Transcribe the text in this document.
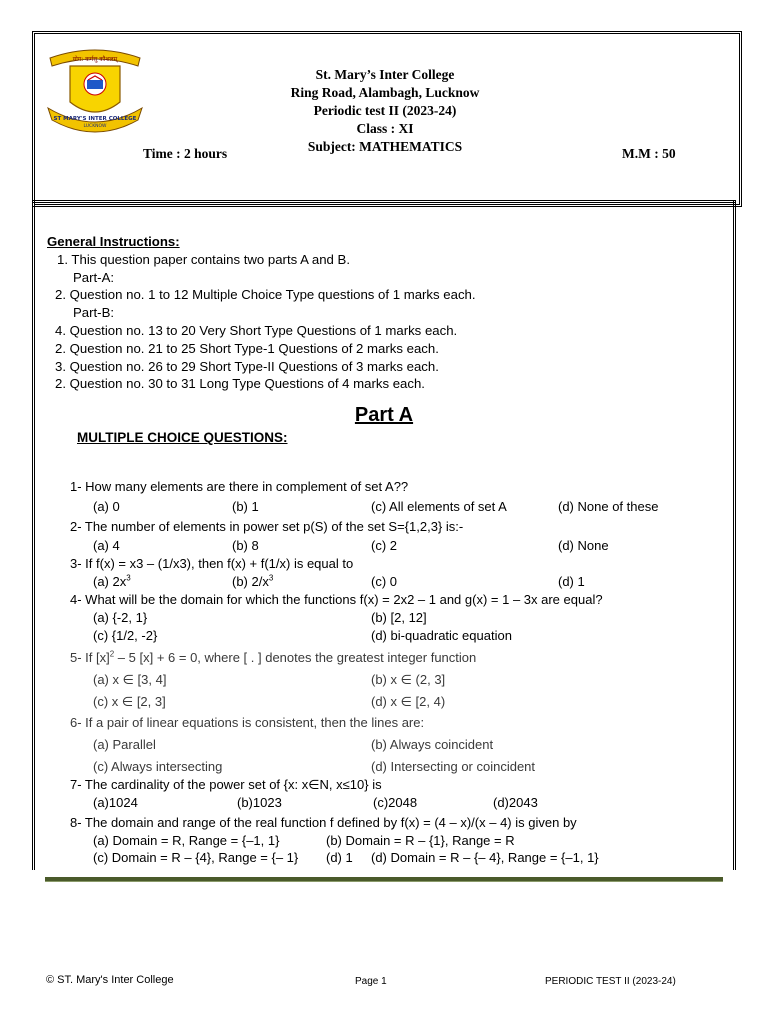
योग: कर्मसु कौशलम्
ST MARY'S INTER COLLEGE
LUCKNOW
St. Mary’s Inter College
Ring Road, Alambagh, Lucknow
Periodic test II (2023-24)
Class : XI
Subject: MATHEMATICS
Time : 2 hours	M.M : 50
General Instructions:
1. This question paper contains two parts A and B.
Part-A:
2. Question no. 1 to 12 Multiple Choice Type questions of 1 marks each.
Part-B:
4. Question no. 13 to 20 Very Short Type Questions of 1 marks each.
2. Question no. 21 to 25 Short Type-1 Questions of 2 marks each.
3. Question no. 26 to 29 Short Type-II Questions of 3 marks each.
2. Question no. 30 to 31 Long Type Questions of 4 marks each.
Part A
MULTIPLE CHOICE QUESTIONS:
1- How many elements are there in complement of set A??
(a) 0	(b) 1	(c) All elements of set A	(d) None of these
2- The number of elements in power set p(S) of the set S={1,2,3} is:-
(a) 4	(b) 8	(c) 2	(d) None
3- If f(x) = x3 – (1/x3), then f(x) + f(1/x) is equal to
(a) $2x^3$	(b) $2/x^3$	(c) 0	(d) 1
4- What will be the domain for which the functions f(x) = 2x2 – 1 and g(x) = 1 – 3x are equal?
(a) {-2, 1}	(b) [2, 12]
(c) {1/2, -2}	(d) bi-quadratic equation
5- If $[x]^2 - 5$ [x] + 6 = 0, where [ . ] denotes the greatest integer function
(a) x ∈ [3, 4]	(b) x ∈ (2, 3]
(c) x ∈ [2, 3]	(d) x ∈ [2, 4)
6- If a pair of linear equations is consistent, then the lines are:
(a) Parallel	(b) Always coincident
(c) Always intersecting	(d) Intersecting or coincident
7- The cardinality of the power set of {x: x∈N, x≤10} is
(a)1024	(b)1023	(c)2048	(d)2043
8- The domain and range of the real function f defined by f(x) = (4 – x)/(x – 4) is given by
(a) Domain = R, Range = {–1, 1}	(b) Domain = R – {1}, Range = R
(c) Domain = R – {4}, Range = {– 1} (d) 1 (d) Domain = R – {– 4}, Range = {–1, 1}
© ST. Mary's Inter College	Page 1	PERIODIC TEST II (2023-24)
